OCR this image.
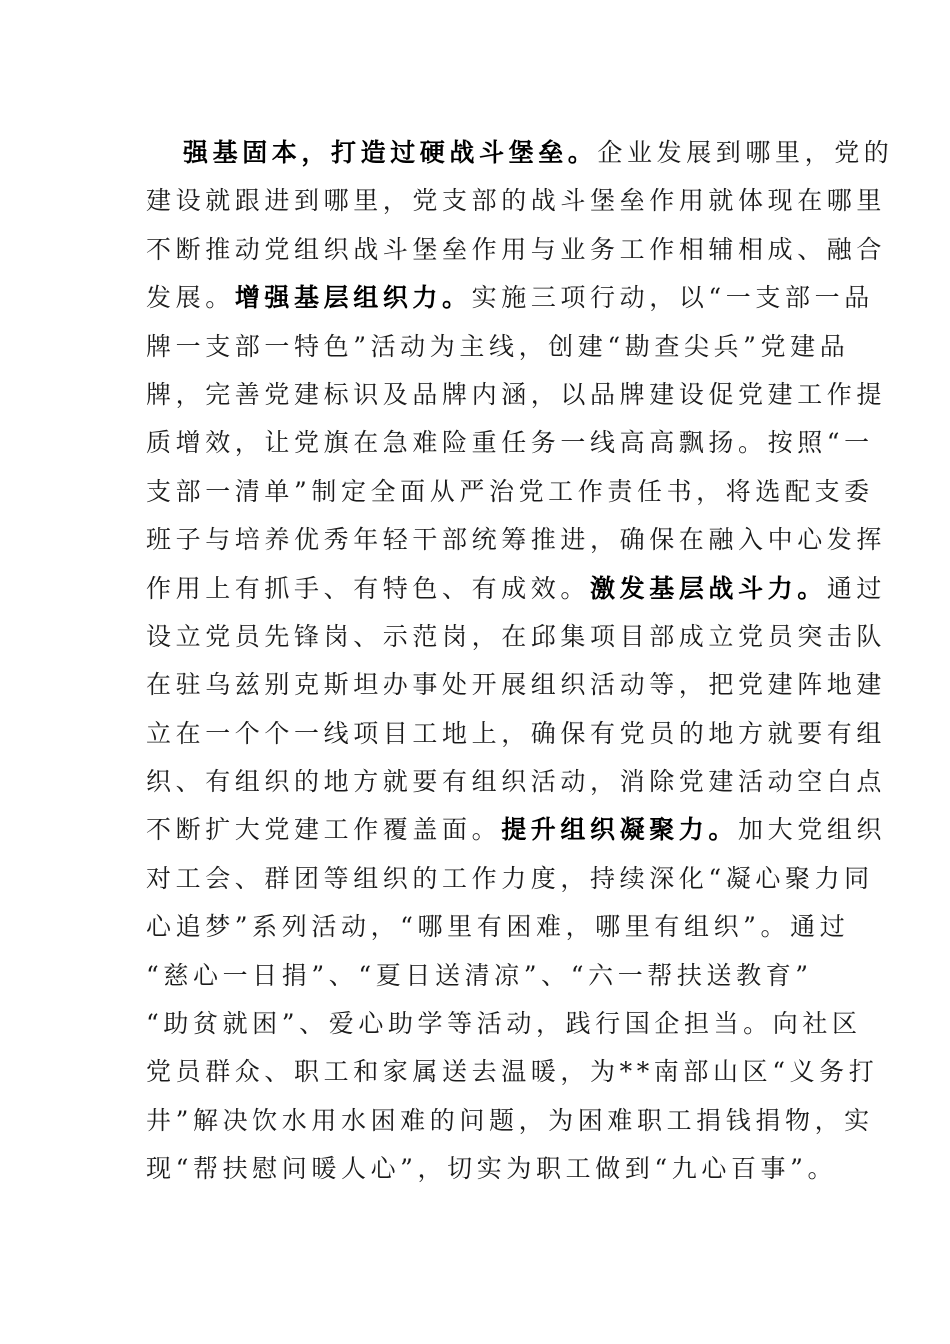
强基固本，打造过硬战斗堡垒。企业发展到哪里，党的
建设就跟进到哪里，党支部的战斗堡垒作用就体现在哪里
不断推动党组织战斗堡垒作用与业务工作相辅相成、融合
发展。增强基层组织力。实施三项行动，以“一支部一品
牌一支部一特色”活动为主线，创建“勘查尖兵”党建品
牌，完善党建标识及品牌内涵，以品牌建设促党建工作提
质增效，让党旗在急难险重任务一线高高飘扬。按照“一
支部一清单”制定全面从严治党工作责任书，将选配支委
班子与培养优秀年轻干部统筹推进，确保在融入中心发挥
作用上有抓手、有特色、有成效。激发基层战斗力。通过
设立党员先锋岗、示范岗，在邱集项目部成立党员突击队
在驻乌兹别克斯坦办事处开展组织活动等，把党建阵地建
立在一个个一线项目工地上，确保有党员的地方就要有组
织、有组织的地方就要有组织活动，消除党建活动空白点
不断扩大党建工作覆盖面。提升组织凝聚力。加大党组织
对工会、群团等组织的工作力度，持续深化“凝心聚力同
心追梦”系列活动，“哪里有困难，哪里有组织”。通过
“慈心一日捐”、“夏日送清凉”、“六一帮扶送教育”
“助贫就困”、爱心助学等活动，践行国企担当。向社区
党员群众、职工和家属送去温暖，为**南部山区“义务打
井”解决饮水用水困难的问题，为困难职工捐钱捐物，实
现“帮扶慰问暖人心”，切实为职工做到“九心百事”。
